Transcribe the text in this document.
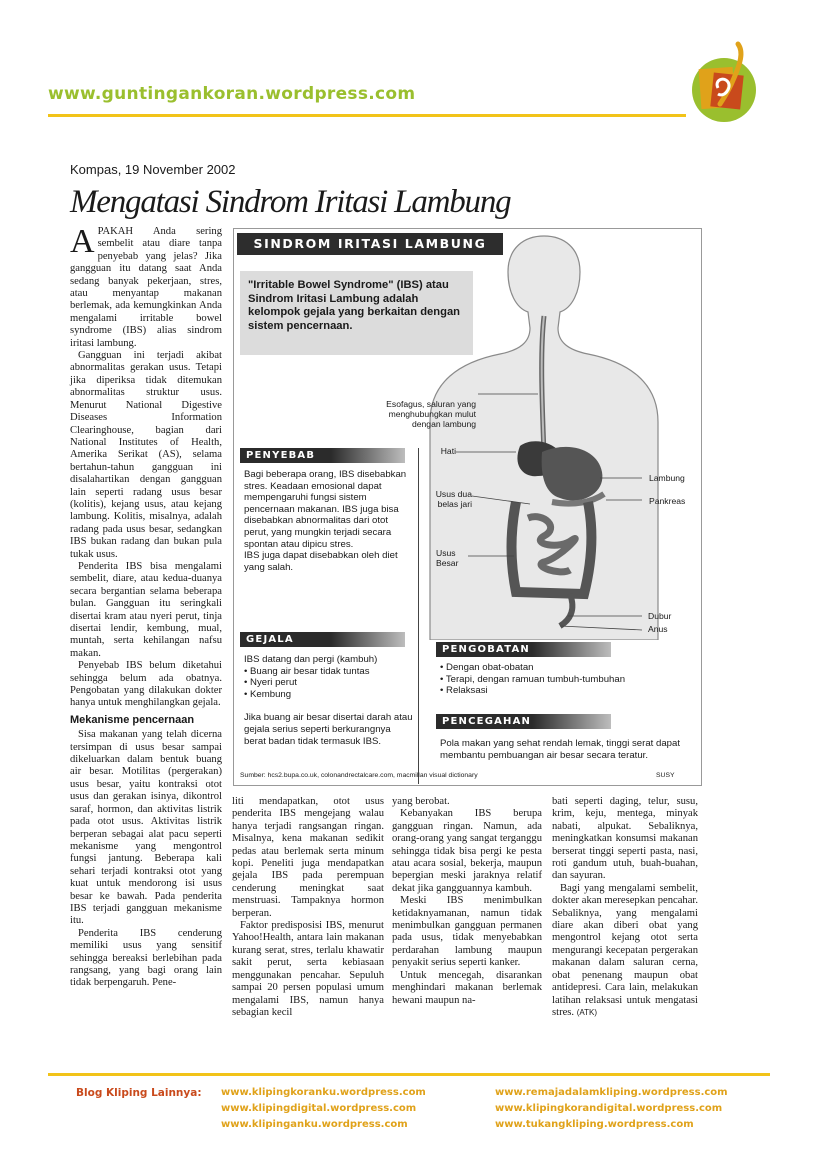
www.guntingankoran.wordpress.com
Kompas, 19 November 2002
Mengatasi Sindrom Iritasi Lambung

APAKAH Anda sering sembelit atau diare tanpa penyebab yang jelas? Jika gangguan itu datang saat Anda sedang banyak pekerjaan, stres, atau menyantap makanan berlemak, ada kemungkinkan Anda mengalami irritable bowel syndrome (IBS) alias sindrom iritasi lambung.

Gangguan ini terjadi akibat abnormalitas gerakan usus. Tetapi jika diperiksa tidak ditemukan abnormalitas struktur usus. Menurut National Digestive Diseases Information Clearinghouse, bagian dari National Institutes of Health, Amerika Serikat (AS), selama bertahun-tahun gangguan ini disalahartikan dengan gangguan lain seperti radang usus besar (kolitis), kejang usus, atau kejang lambung. Kolitis, misalnya, adalah radang pada usus besar, sedangkan IBS bukan radang dan bukan pula tukak usus.

Penderita IBS bisa mengalami sembelit, diare, atau kedua-duanya secara bergantian selama beberapa bulan. Gangguan itu seringkali disertai kram atau nyeri perut, tinja disertai lendir, kembung, mual, muntah, serta kehilangan nafsu makan.

Penyebab IBS belum diketahui sehingga belum ada obatnya. Pengobatan yang dilakukan dokter hanya untuk menghilangkan gejala.

Mekanisme pencernaan

Sisa makanan yang telah dicerna tersimpan di usus besar sampai dikeluarkan dalam bentuk buang air besar. Motilitas (pergerakan) usus besar, yaitu kontraksi otot usus dan gerakan isinya, dikontrol saraf, hormon, dan aktivitas listrik pada otot usus. Aktivitas listrik berperan sebagai alat pacu seperti mekanisme yang mengontrol fungsi jantung. Beberapa kali sehari terjadi kontraksi otot yang kuat untuk mendorong isi usus besar ke bawah. Pada penderita IBS terjadi gangguan mekanisme itu.

Penderita IBS cenderung memiliki usus yang sensitif sehingga bereaksi berlebihan pada rangsang, yang bagi orang lain tidak berpengaruh. Pene-

SINDROM IRITASI LAMBUNG
"Irritable Bowel Syndrome" (IBS) atau Sindrom Iritasi Lambung adalah kelompok gejala yang berkaitan dengan sistem pencernaan.
Esofagus, saluran yang menghubungkan mulut dengan lambung
Hati
Lambung
Pankreas
Usus dua belas jari
Usus Besar
Dubur
Anus
PENYEBAB
Bagi beberapa orang, IBS disebabkan stres. Keadaan emosional dapat mempengaruhi fungsi sistem pencernaan makanan. IBS juga bisa disebabkan abnormalitas dari otot perut, yang mungkin terjadi secara spontan atau dipicu stres.
IBS juga dapat disebabkan oleh diet yang salah.
GEJALA
IBS datang dan pergi (kambuh)
• Buang air besar tidak tuntas
• Nyeri perut
• Kembung
Jika buang air besar disertai darah atau gejala serius seperti berkurangnya berat badan tidak termasuk IBS.
PENGOBATAN
• Dengan obat-obatan
• Terapi, dengan ramuan tumbuh-tumbuhan
• Relaksasi
PENCEGAHAN
Pola makan yang sehat rendah lemak, tinggi serat dapat membantu pembuangan air besar secara teratur.
Sumber: hcs2.bupa.co.uk, colonandrectalcare.com, macmillan visual dictionary	SUSY

liti mendapatkan, otot usus penderita IBS mengejang walau hanya terjadi rangsangan ringan. Misalnya, kena makanan sedikit pedas atau berlemak serta minum kopi. Peneliti juga mendapatkan gejala IBS pada perempuan cenderung meningkat saat menstruasi. Tampaknya hormon berperan.

Faktor predisposisi IBS, menurut Yahoo!Health, antara lain makanan kurang serat, stres, terlalu khawatir sakit perut, serta kebiasaan menggunakan pencahar. Sepuluh sampai 20 persen populasi umum mengalami IBS, namun hanya sebagian kecil

yang berobat.

Kebanyakan IBS berupa gangguan ringan. Namun, ada orang-orang yang sangat terganggu sehingga tidak bisa pergi ke pesta atau acara sosial, bekerja, maupun bepergian meski jaraknya relatif dekat jika gangguannya kambuh.

Meski IBS menimbulkan ketidaknyamanan, namun tidak menimbulkan gangguan permanen pada usus, tidak menyebabkan perdarahan lambung maupun penyakit serius seperti kanker.

Untuk mencegah, disarankan menghindari makanan berlemak hewani maupun na-

bati seperti daging, telur, susu, krim, keju, mentega, minyak nabati, alpukat. Sebaliknya, meningkatkan konsumsi makanan berserat tinggi seperti pasta, nasi, roti gandum utuh, buah-buahan, dan sayuran.

Bagi yang mengalami sembelit, dokter akan meresepkan pencahar. Sebaliknya, yang mengalami diare akan diberi obat yang mengontrol kejang otot serta mengurangi kecepatan pergerakan makanan dalam saluran cerna, obat penenang maupun obat antidepresi. Cara lain, melakukan latihan relaksasi untuk mengatasi stres. (ATK)

Blog Kliping Lainnya: www.klipingkoranku.wordpress.com
www.klipingdigital.wordpress.com
www.klipinganku.wordpress.com
www.remajadalamkliping.wordpress.com
www.klipingkorandigital.wordpress.com
www.tukangkliping.wordpress.com
